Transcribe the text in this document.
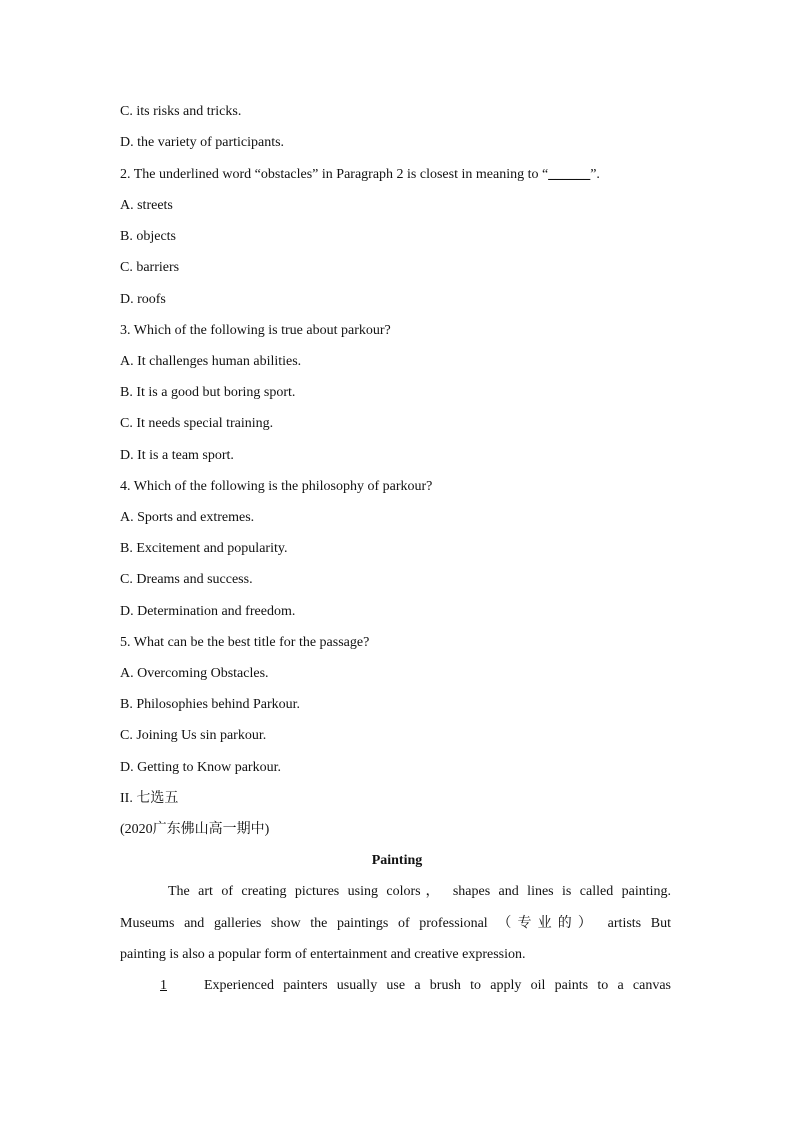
C. its risks and tricks.
D. the variety of participants.
2. The underlined word “obstacles” in Paragraph 2 is closest in meaning to “______”.
A. streets
B. objects
C. barriers
D. roofs
3. Which of the following is true about parkour?
A. It challenges human abilities.
B. It is a good but boring sport.
C. It needs special training.
D. It is a team sport.
4. Which of the following is the philosophy of parkour?
A. Sports and extremes.
B. Excitement and popularity.
C. Dreams and success.
D. Determination and freedom.
5. What can be the best title for the passage?
A. Overcoming Obstacles.
B. Philosophies behind Parkour.
C. Joining Us sin parkour.
D. Getting to Know parkour.
II. 七选五
(2020广东佛山高一期中)
Painting
The art of creating pictures using colors， shapes and lines is called painting.
Museums and galleries show the paintings of professional （专业的） artists But
painting is also a popular form of entertainment and creative expression.
1	Experienced painters usually use a brush to apply oil paints to a canvas
